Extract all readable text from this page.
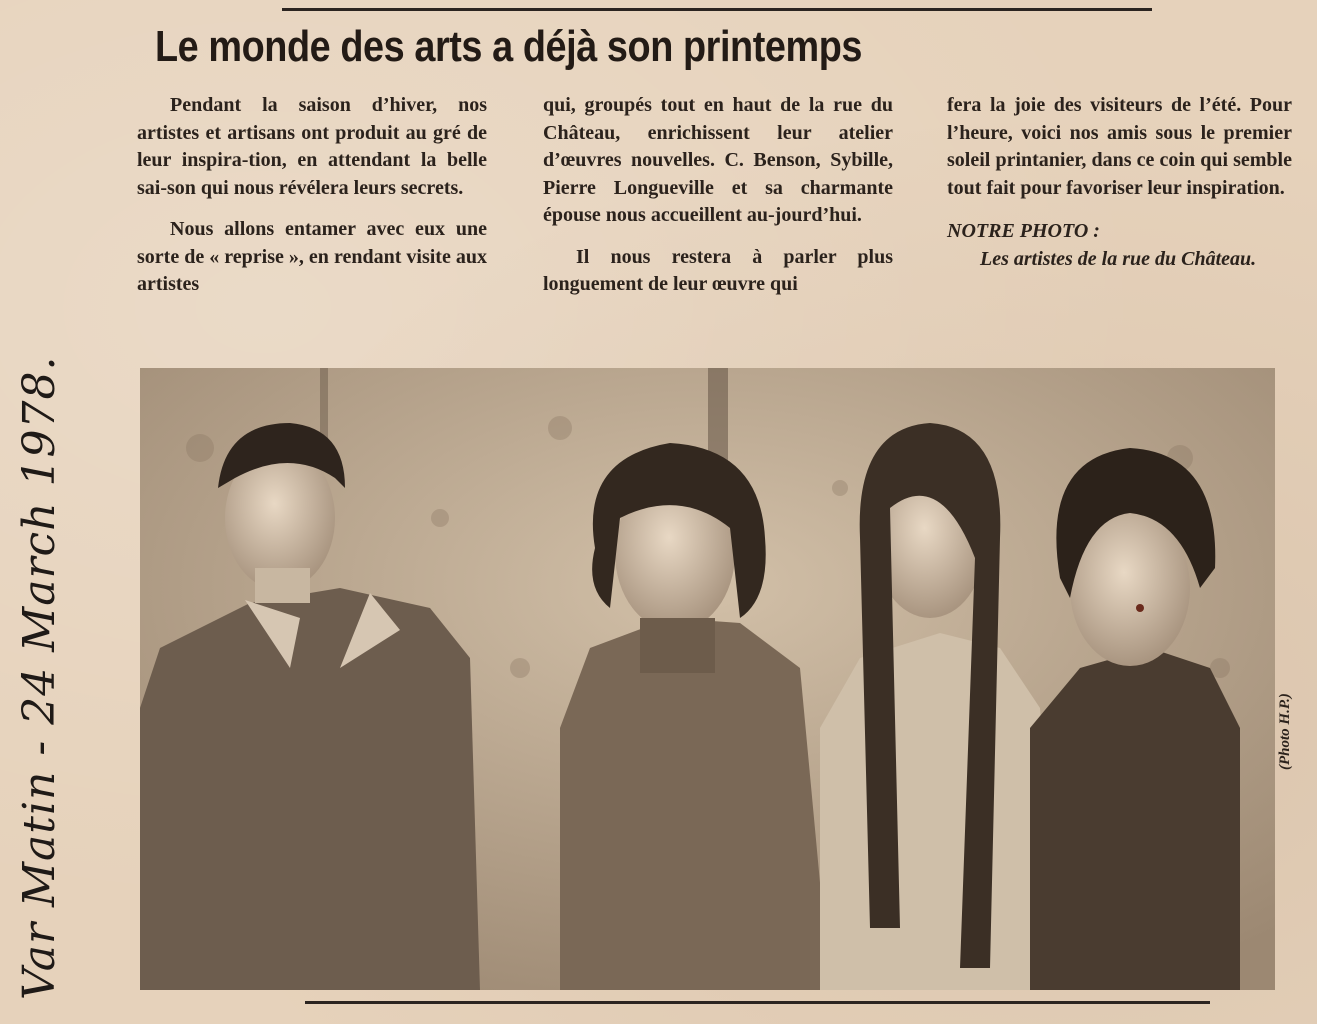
Le monde des arts a déjà son printemps

Pendant la saison d’hiver, nos artistes et artisans ont produit au gré de leur inspira-tion, en attendant la belle sai-son qui nous révélera leurs secrets.

Nous allons entamer avec eux une sorte de « reprise », en rendant visite aux artistes

qui, groupés tout en haut de la rue du Château, enrichissent leur atelier d’œuvres nouvelles. C. Benson, Sybille, Pierre Longueville et sa charmante épouse nous accueillent au-jourd’hui.

Il nous restera à parler plus longuement de leur œuvre qui

fera la joie des visiteurs de l’été. Pour l’heure, voici nos amis sous le premier soleil printanier, dans ce coin qui semble tout fait pour favoriser leur inspiration.

NOTRE PHOTO :

Les artistes de la rue du Château.

(Photo H.P.)
Var Matin - 24 March 1978.
